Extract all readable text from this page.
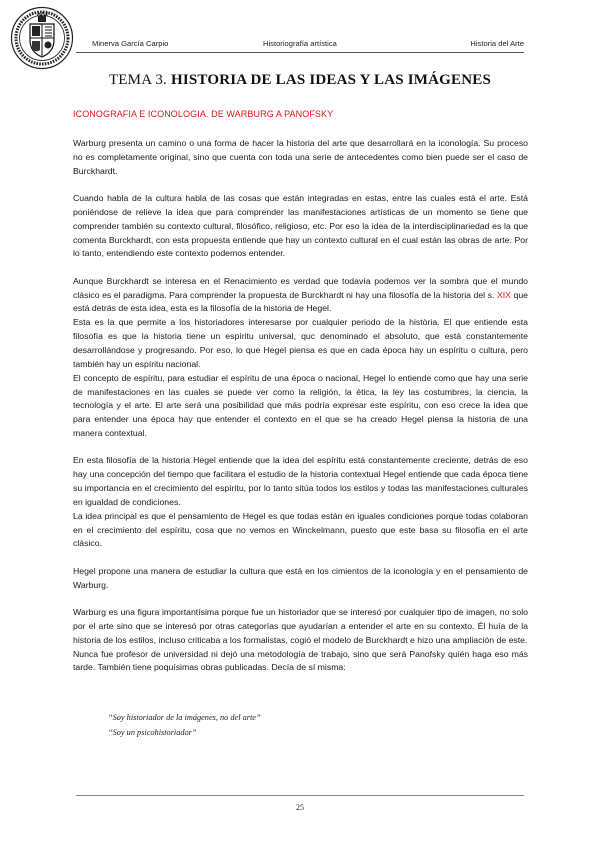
Minerva García Carpio	Historiografía artística	Historia del Arte
TEMA 3. HISTORIA DE LAS IDEAS Y LAS IMÁGENES
ICONOGRAFIA E ICONOLOGIA. DE WARBURG A PANOFSKY

Warburg presenta un camino o una forma de hacer la historia del arte que desarrollará en la iconología. Su proceso no es completamente original, sino que cuenta con toda una serie de antecedentes como bien puede ser el caso de Burckhardt.

Cuando habla de la cultura habla de las cosas que están integradas en estas, entre las cuales está el arte. Está poniéndose de relieve la idea que para comprender las manifestaciones artísticas de un momento se tiene que comprender también su contexto cultural, filosófico, religioso, etc. Por eso la idea de la interdisciplinariedad es la que comenta Burckhardt, con esta propuesta entiende que hay un contexto cultural en el cual están las obras de arte. Por lo tanto, entendiendo este contexto podemos entender.

Aunque Burckhardt se interesa en el Renacimiento es verdad que todavía podemos ver la sombra que el mundo clásico es el paradigma. Para comprender la propuesta de Burckhardt ni hay una filosofía de la historia del s. XIX que está detrás de esta idea, esta es la filosofía de la historia de Hegel.

Esta es la que permite a los historiadores interesarse por cualquier periodo de la història. El que entiende esta filosofía es que la historia tiene un espíritu universal, quc denominado el absoluto, que está constantemente desarrollándose y progresando. Por eso, lo que Hegel piensa es que en cada época hay un espíritu o cultura, pero también hay un espíritu nacional.

El concepto de espíritu, para estudiar el espíritu de una época o nacional, Hegel lo entiende como que hay una serie de manifestaciones en las cuales se puede ver como la religión, la ética, la ley las costumbres, la ciencia, la tecnología y el arte. El arte será una posibilidad que más podría expresar este espíritu, con eso crece la idea que para entender una época hay que entender el contexto en el que se ha creado Hegel piensa la historia de una manera contextual.

En esta filosofía de la historia Hegel entiende que la idea del espíritu está constantemente creciente, detrás de eso hay una concepción del tiempo que facilitara el estudio de la historia contextual Hegel entiende que cada época tiene su importancia en el crecimiento del espíritu, por lo tanto sitúa todos los estilos y todas las manifestaciones culturales en igualdad de condiciones.

La idea principal es que el pensamiento de Hegel es que todas están en iguales condiciones porque todas colaboran en el crecimiento del espíritu, cosa que no vemos en Winckelmann, puesto que este basa su filosofía en el arte clásico.

Hegel propone una manera de estudiar la cultura que está en los cimientos de la iconología y en el pensamiento de Warburg.

Warburg es una figura importantísima porque fue un historiador que se interesó por cualquier tipo de imagen, no solo por el arte sino que se interesó por otras categorías que ayudarían a entender el arte en su contexto. Él huía de la historia de los estilos, incluso criticaba a los formalistas, cogió el modelo de Burckhardt e hizo una ampliación de este.

Nunca fue profesor de universidad ni dejó una metodología de trabajo, sino que será Panofsky quién haga eso más tarde. También tiene poquísimas obras publicadas. Decía de sí misma:

“Soy historiador de la imágenes, no del arte”
“Soy un psicohistoriador”
25
